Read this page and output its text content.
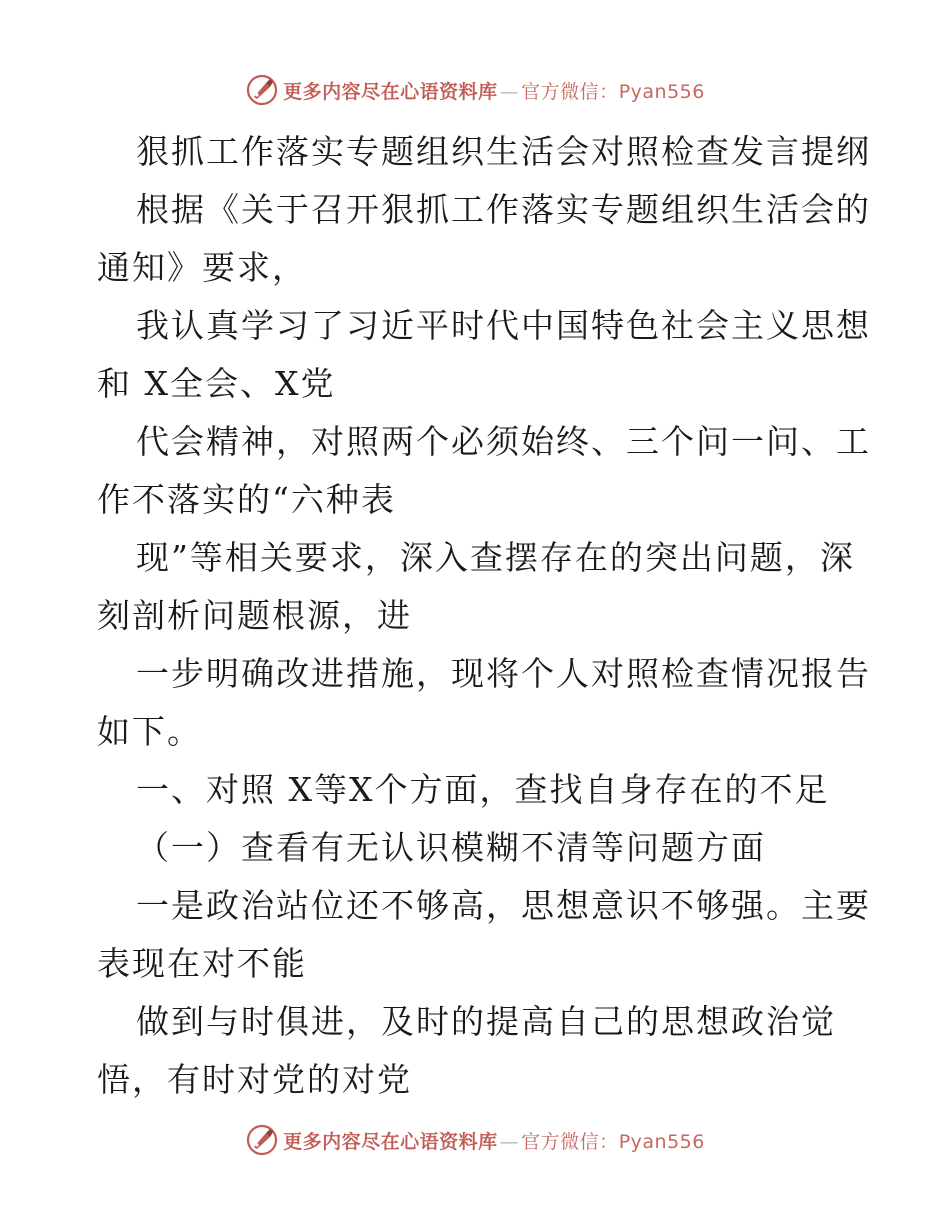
更多内容尽在心语资料库 — 官方微信：Pyan556
狠抓工作落实专题组织生活会对照检查发言提纲
根据《关于召开狠抓工作落实专题组织生活会的
通知》要求，
我认真学习了习近平时代中国特色社会主义思想
和 X全会、X党
代会精神，对照两个必须始终、三个问一问、工
作不落实的“六种表
现”等相关要求，深入查摆存在的突出问题，深
刻剖析问题根源，进
一步明确改进措施，现将个人对照检查情况报告
如下。
一、对照 X等X个方面，查找自身存在的不足
（一）查看有无认识模糊不清等问题方面
一是政治站位还不够高，思想意识不够强。主要
表现在对不能
做到与时俱进，及时的提高自己的思想政治觉
悟，有时对党的对党
更多内容尽在心语资料库 — 官方微信：Pyan556
